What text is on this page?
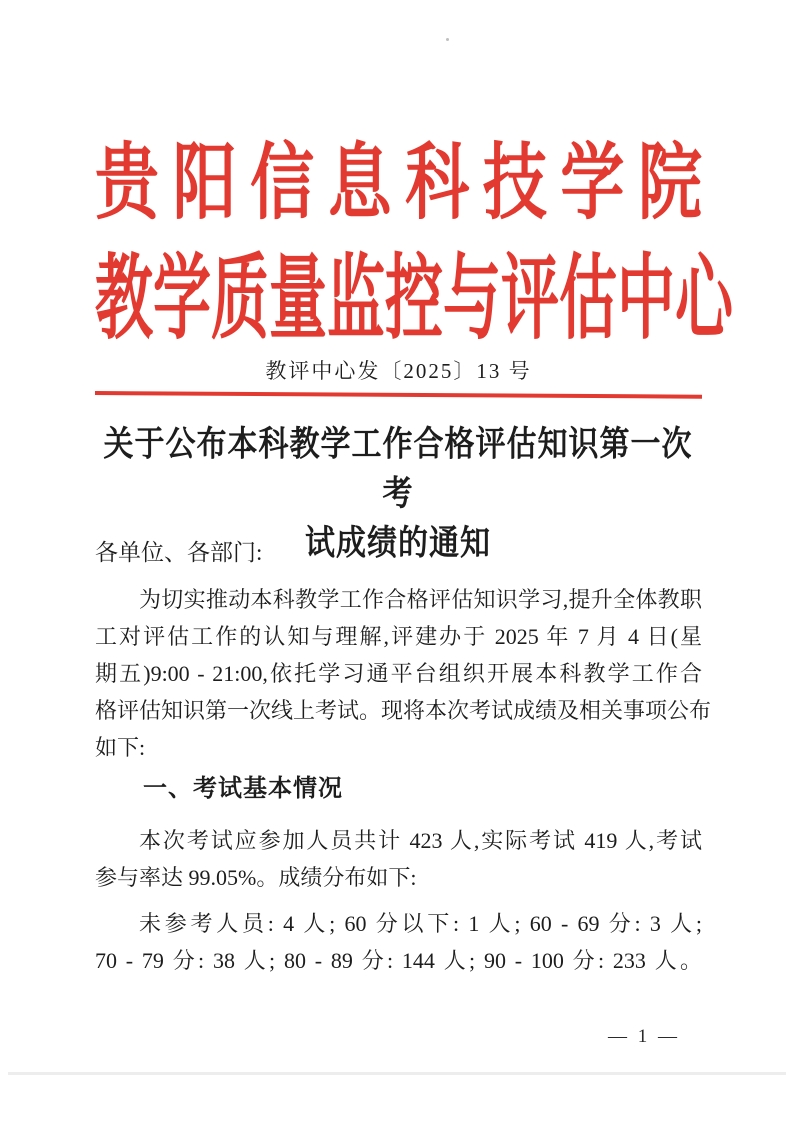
贵阳信息科技学院
教学质量监控与评估中心
教评中心发〔2025〕13 号
关于公布本科教学工作合格评估知识第一次考
试成绩的通知
各单位、各部门:
为切实推动本科教学工作合格评估知识学习,提升全体教职
工对评估工作的认知与理解,评建办于 2025 年 7 月 4 日(星
期五)9:00 - 21:00,依托学习通平台组织开展本科教学工作合
格评估知识第一次线上考试。现将本次考试成绩及相关事项公布
如下:
一、考试基本情况
本次考试应参加人员共计 423 人,实际考试 419 人,考试
参与率达 99.05%。成绩分布如下:
未参考人员: 4 人; 60 分以下: 1 人; 60 - 69 分: 3 人;
70 - 79 分: 38 人; 80 - 89 分: 144 人; 90 - 100 分: 233 人。
— 1 —
